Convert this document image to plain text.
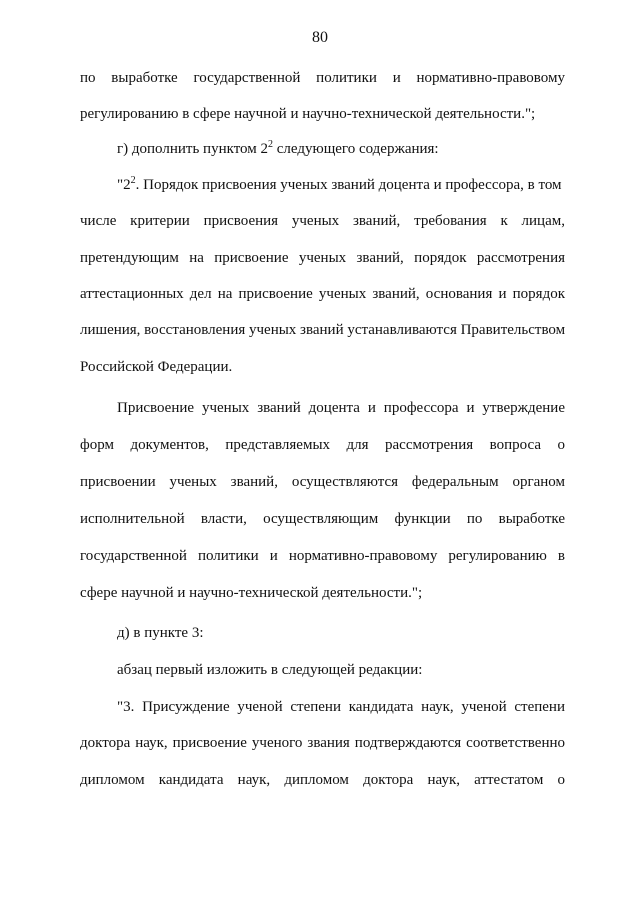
80
по выработке государственной политики и нормативно-правовому
регулированию в сфере научной и научно-технической деятельности.";
г) дополнить пунктом $2^2$ следующего содержания:
"$2^2$. Порядок присвоения ученых званий доцента и профессора, в том
числе критерии присвоения ученых званий, требования к лицам,
претендующим на присвоение ученых званий, порядок рассмотрения
аттестационных дел на присвоение ученых званий, основания и порядок
лишения, восстановления ученых званий устанавливаются Правительством
Российской Федерации.
Присвоение ученых званий доцента и профессора и утверждение
форм документов, представляемых для рассмотрения вопроса о
присвоении ученых званий, осуществляются федеральным органом
исполнительной власти, осуществляющим функции по выработке
государственной политики и нормативно-правовому регулированию в
сфере научной и научно-технической деятельности.";
д) в пункте 3:
абзац первый изложить в следующей редакции:
"3. Присуждение ученой степени кандидата наук, ученой степени
доктора наук, присвоение ученого звания подтверждаются соответственно
дипломом кандидата наук, дипломом доктора наук, аттестатом о
